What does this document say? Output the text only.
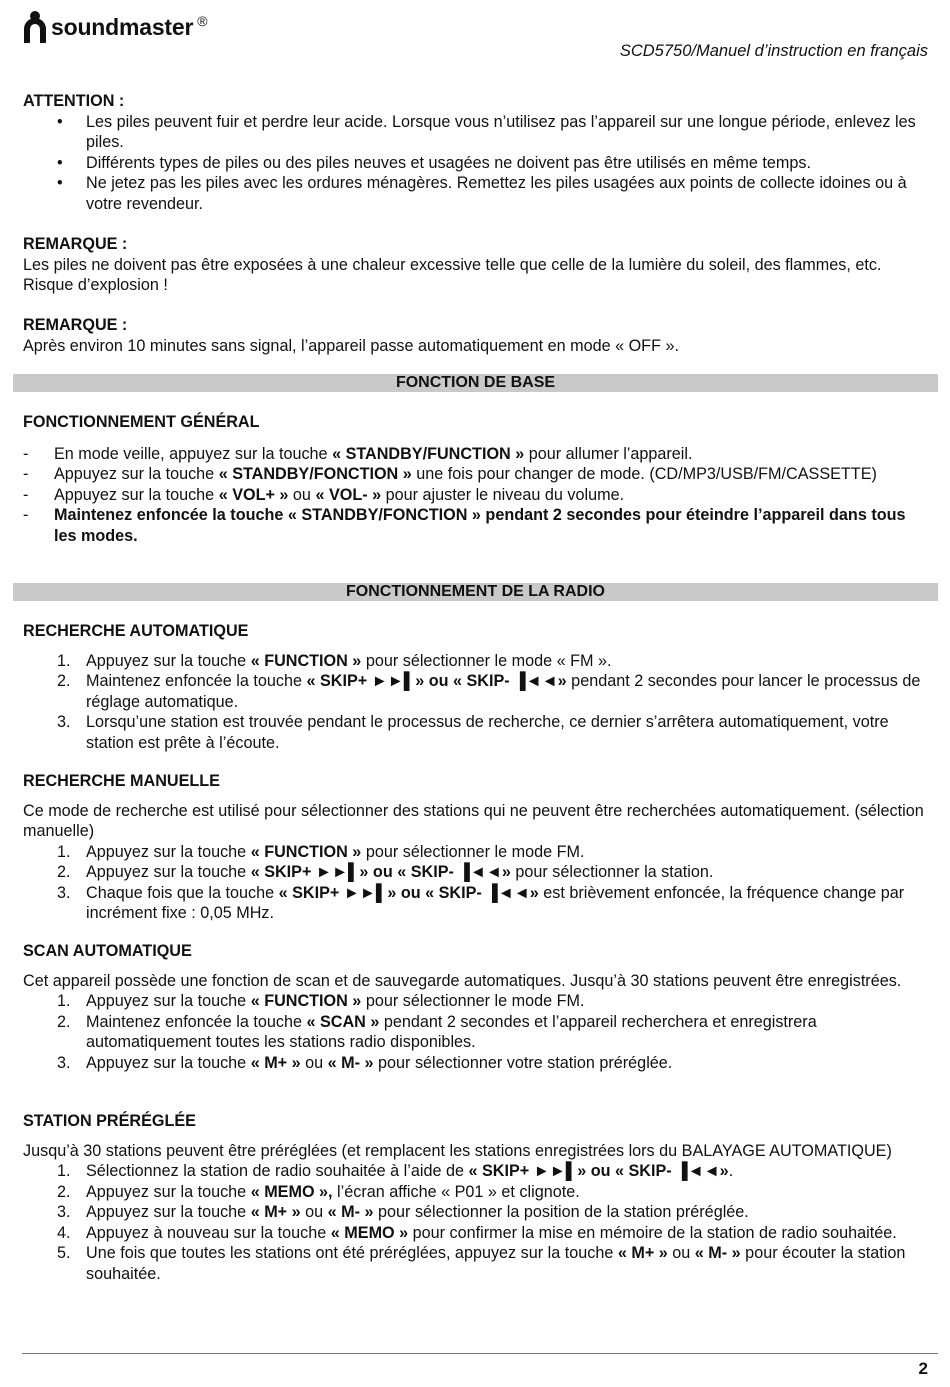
soundmaster ®
SCD5750/Manuel d’instruction en français
ATTENTION :
• Les piles peuvent fuir et perdre leur acide. Lorsque vous n’utilisez pas l’appareil sur une longue période, enlevez les piles.
• Différents types de piles ou des piles neuves et usagées ne doivent pas être utilisés en même temps.
• Ne jetez pas les piles avec les ordures ménagères. Remettez les piles usagées aux points de collecte idoines ou à votre revendeur.
REMARQUE :
Les piles ne doivent pas être exposées à une chaleur excessive telle que celle de la lumière du soleil, des flammes, etc. Risque d’explosion !
REMARQUE :
Après environ 10 minutes sans signal, l’appareil passe automatiquement en mode « OFF ».
FONCTION DE BASE
FONCTIONNEMENT GÉNÉRAL
- En mode veille, appuyez sur la touche « STANDBY/FUNCTION » pour allumer l’appareil.
- Appuyez sur la touche « STANDBY/FONCTION » une fois pour changer de mode. (CD/MP3/USB/FM/CASSETTE)
- Appuyez sur la touche « VOL+ » ou « VOL- » pour ajuster le niveau du volume.
- Maintenez enfoncée la touche « STANDBY/FONCTION » pendant 2 secondes pour éteindre l’appareil dans tous les modes.
FONCTIONNEMENT DE LA RADIO
RECHERCHE AUTOMATIQUE
1. Appuyez sur la touche « FUNCTION » pour sélectionner le mode « FM ».
2. Maintenez enfoncée la touche « SKIP+ ►►▌» ou « SKIP- ▐◄◄» pendant 2 secondes pour lancer le processus de réglage automatique.
3. Lorsqu’une station est trouvée pendant le processus de recherche, ce dernier s’arrêtera automatiquement, votre station est prête à l’écoute.
RECHERCHE MANUELLE
Ce mode de recherche est utilisé pour sélectionner des stations qui ne peuvent être recherchées automatiquement. (sélection manuelle)
1. Appuyez sur la touche « FUNCTION » pour sélectionner le mode FM.
2. Appuyez sur la touche « SKIP+ ►►▌» ou « SKIP- ▐◄◄» pour sélectionner la station.
3. Chaque fois que la touche « SKIP+ ►►▌» ou « SKIP- ▐◄◄» est brièvement enfoncée, la fréquence change par incrément fixe : 0,05 MHz.
SCAN AUTOMATIQUE
Cet appareil possède une fonction de scan et de sauvegarde automatiques. Jusqu’à 30 stations peuvent être enregistrées.
1. Appuyez sur la touche « FUNCTION » pour sélectionner le mode FM.
2. Maintenez enfoncée la touche « SCAN » pendant 2 secondes et l’appareil recherchera et enregistrera automatiquement toutes les stations radio disponibles.
3. Appuyez sur la touche « M+ » ou « M- » pour sélectionner votre station préréglée.
STATION PRÉRÉGLÉE
Jusqu’à 30 stations peuvent être préréglées (et remplacent les stations enregistrées lors du BALAYAGE AUTOMATIQUE)
1. Sélectionnez la station de radio souhaitée à l’aide de « SKIP+ ►►▌» ou « SKIP- ▐◄◄».
2. Appuyez sur la touche « MEMO », l’écran affiche « P01 » et clignote.
3. Appuyez sur la touche « M+ » ou « M- » pour sélectionner la position de la station préréglée.
4. Appuyez à nouveau sur la touche « MEMO » pour confirmer la mise en mémoire de la station de radio souhaitée.
5. Une fois que toutes les stations ont été préréglées, appuyez sur la touche « M+ » ou « M- » pour écouter la station souhaitée.
2
